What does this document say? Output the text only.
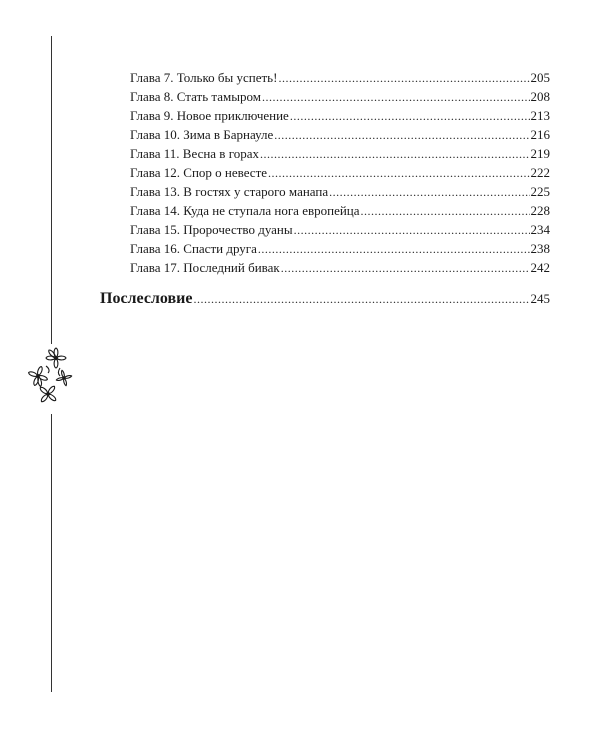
Глава 7. Только бы успеть! .....	205
Глава 8. Стать тамыром .....	208
Глава 9. Новое приключение .....	213
Глава 10. Зима в Барнауле .....	216
Глава 11. Весна в горах .....	219
Глава 12. Спор о невесте .....	222
Глава 13. В гостях у старого манапа .....	225
Глава 14. Куда не ступала нога европейца .....	228
Глава 15. Пророчество дуаны .....	234
Глава 16. Спасти друга .....	238
Глава 17. Последний бивак .....	242
Послесловие .....	245
